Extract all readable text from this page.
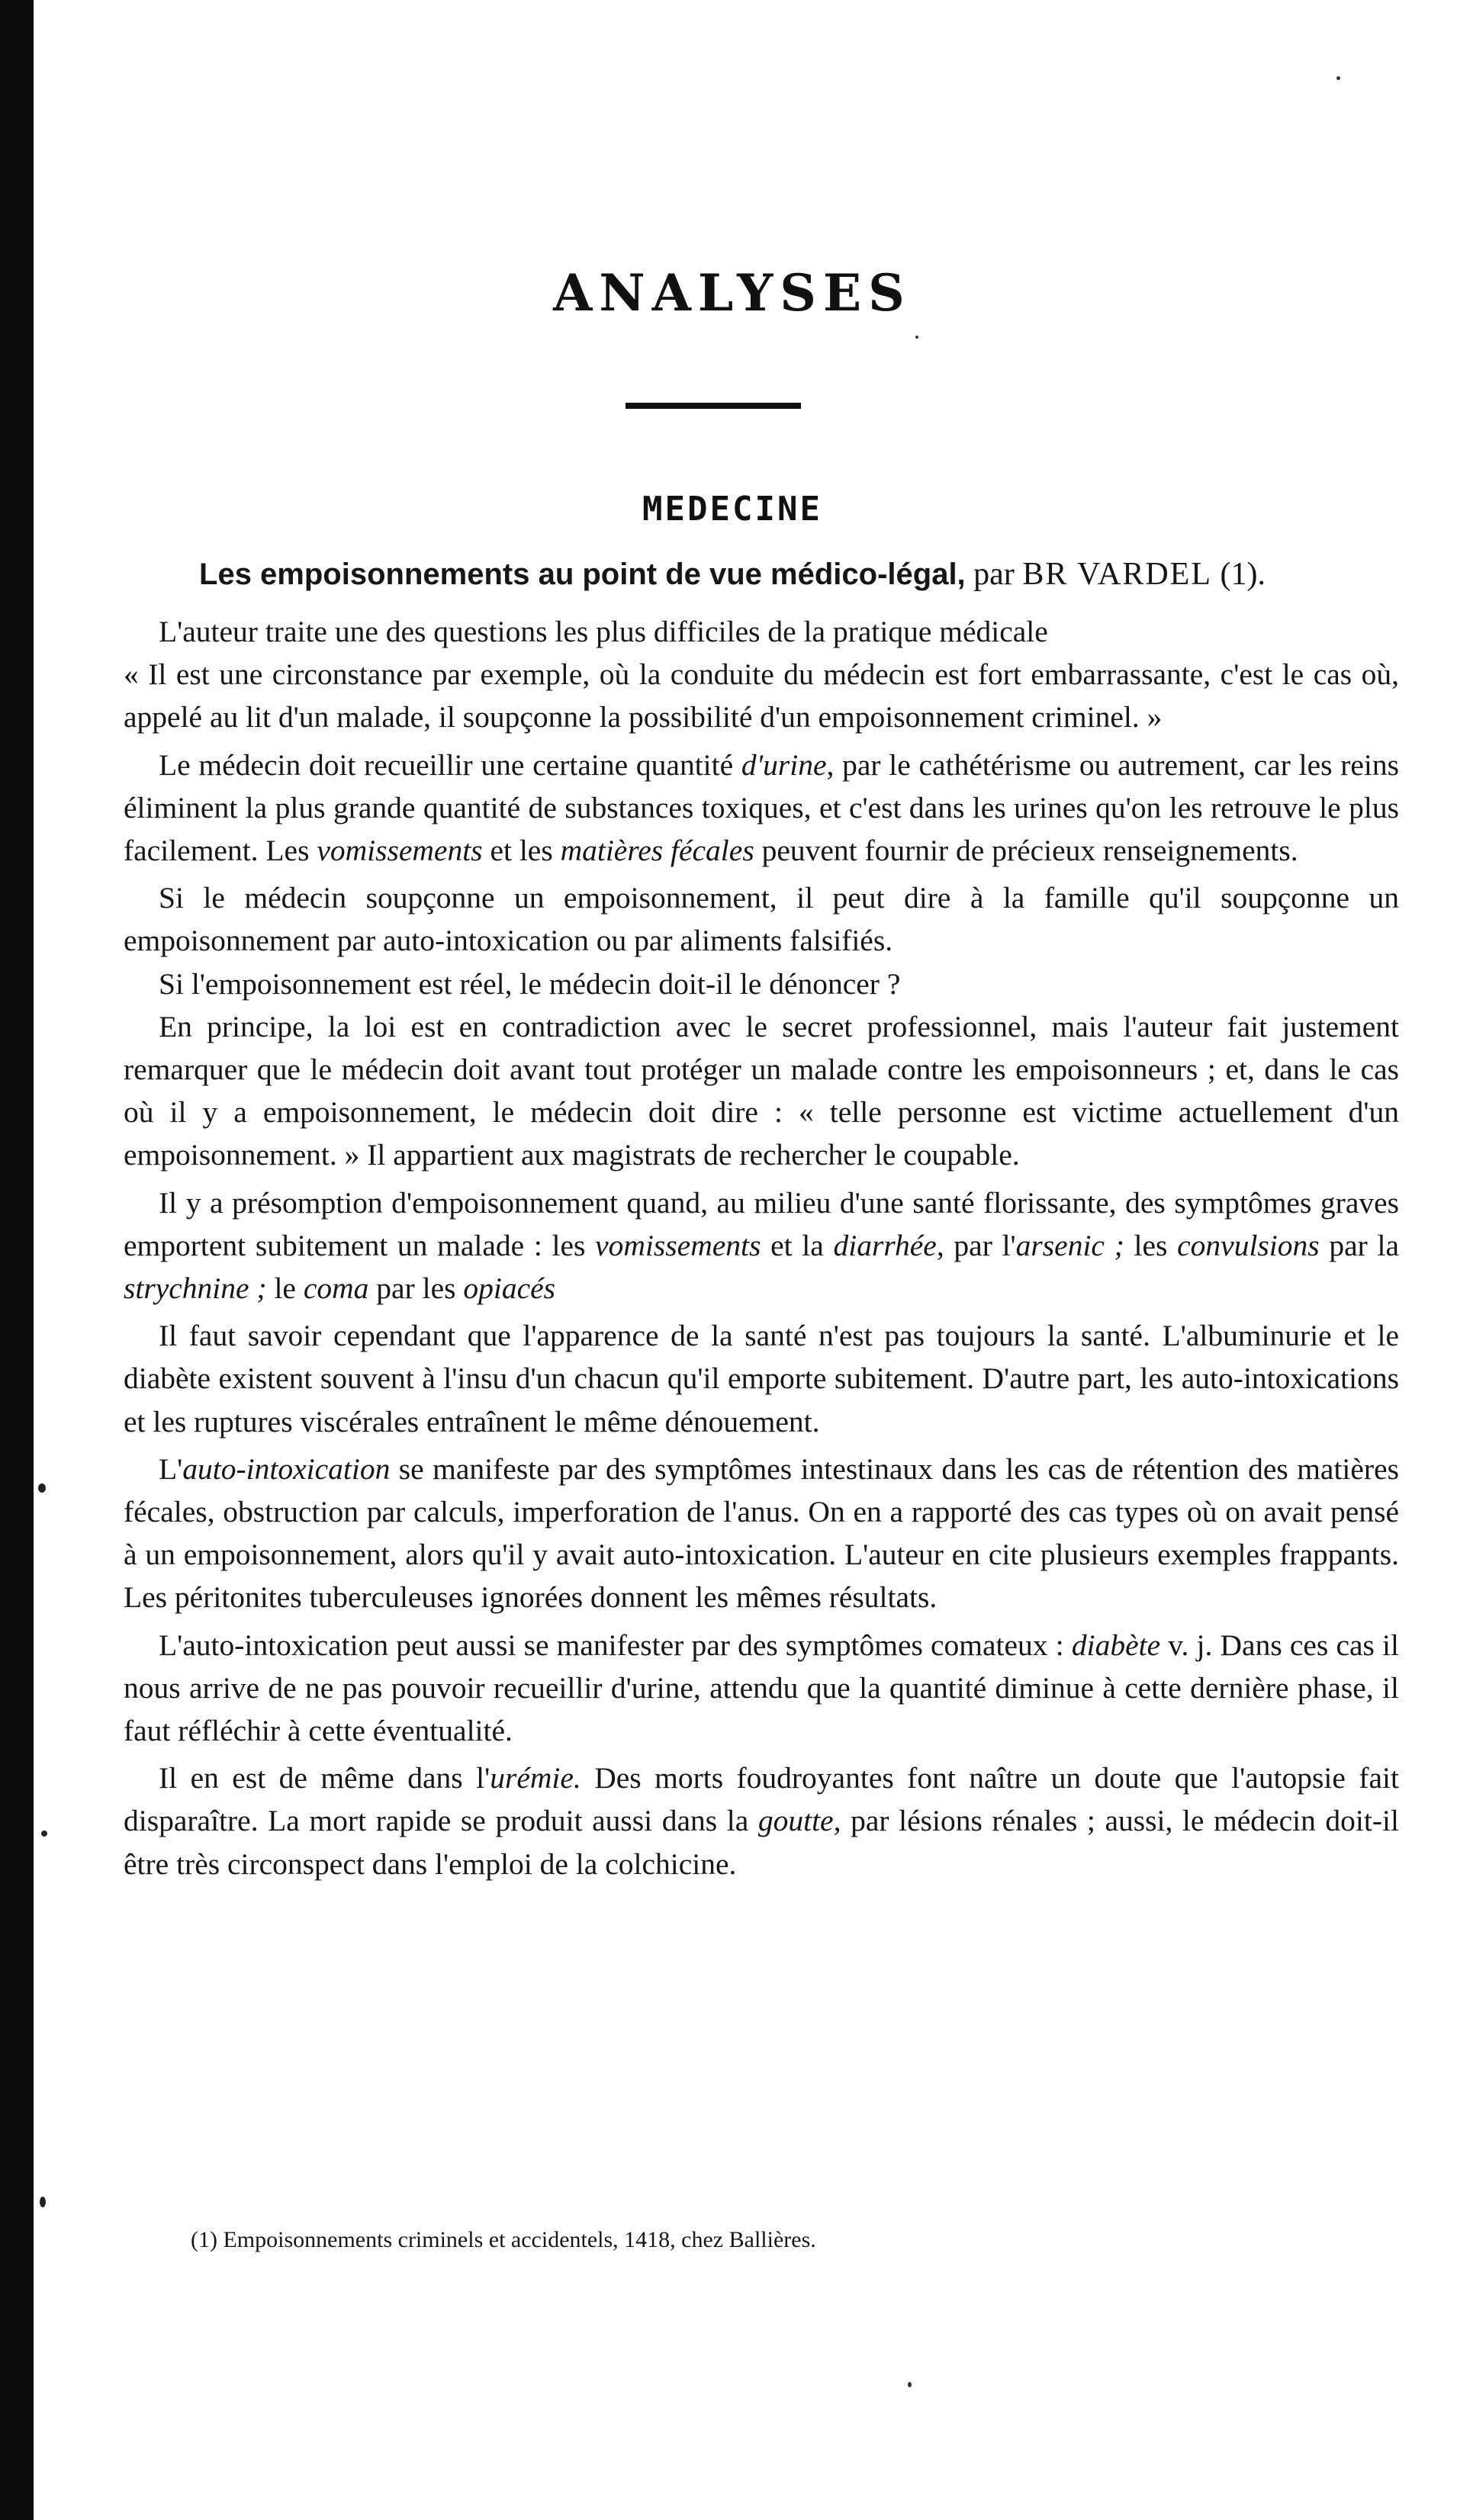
ANALYSES
MEDECINE
Les empoisonnements au point de vue médico-légal, par BR VARDEL (1).

L'auteur traite une des questions les plus difficiles de la pratique médicale

« Il est une circonstance par exemple, où la conduite du médecin est fort embarrassante, c'est le cas où, appelé au lit d'un malade, il soupçonne la possibilité d'un empoisonnement criminel. »

Le médecin doit recueillir une certaine quantité d'urine, par le cathétérisme ou autrement, car les reins éliminent la plus grande quantité de substances toxiques, et c'est dans les urines qu'on les retrouve le plus facilement. Les vomissements et les matières fécales peuvent fournir de précieux renseignements.

Si le médecin soupçonne un empoisonnement, il peut dire à la famille qu'il soupçonne un empoisonnement par auto-intoxication ou par aliments falsifiés.

Si l'empoisonnement est réel, le médecin doit-il le dénoncer ?

En principe, la loi est en contradiction avec le secret professionnel, mais l'auteur fait justement remarquer que le médecin doit avant tout protéger un malade contre les empoisonneurs ; et, dans le cas où il y a empoisonnement, le médecin doit dire : « telle personne est victime actuellement d'un empoisonnement. » Il appartient aux magistrats de rechercher le coupable.

Il y a présomption d'empoisonnement quand, au milieu d'une santé florissante, des symptômes graves emportent subitement un malade : les vomissements et la diarrhée, par l'arsenic ; les convulsions par la strychnine ; le coma par les opiacés

Il faut savoir cependant que l'apparence de la santé n'est pas toujours la santé. L'albuminurie et le diabète existent souvent à l'insu d'un chacun qu'il emporte subitement. D'autre part, les auto-intoxications et les ruptures viscérales entraînent le même dénouement.

L'auto-intoxication se manifeste par des symptômes intestinaux dans les cas de rétention des matières fécales, obstruction par calculs, imperforation de l'anus. On en a rapporté des cas types où on avait pensé à un empoisonnement, alors qu'il y avait auto-intoxication. L'auteur en cite plusieurs exemples frappants. Les péritonites tuberculeuses ignorées donnent les mêmes résultats.

L'auto-intoxication peut aussi se manifester par des symptômes comateux : diabète v. j. Dans ces cas il nous arrive de ne pas pouvoir recueillir d'urine, attendu que la quantité diminue à cette dernière phase, il faut réfléchir à cette éventualité.

Il en est de même dans l'urémie. Des morts foudroyantes font naître un doute que l'autopsie fait disparaître. La mort rapide se produit aussi dans la goutte, par lésions rénales ; aussi, le médecin doit-il être très circonspect dans l'emploi de la colchicine.

(1) Empoisonnements criminels et accidentels, 1418, chez Ballières.
